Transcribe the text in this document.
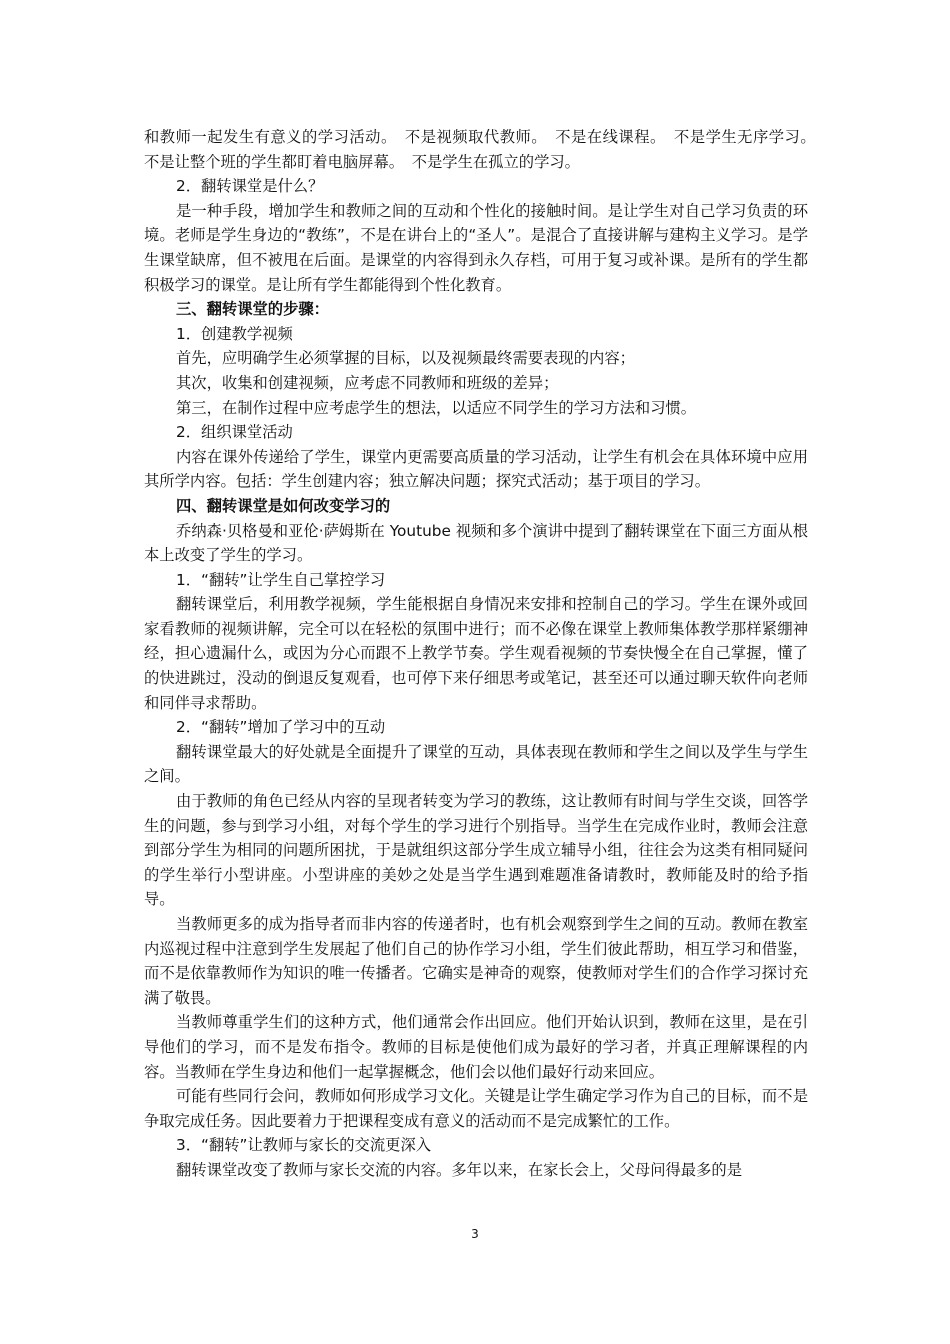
和教师一起发生有意义的学习活动。　不是视频取代教师。　不是在线课程。　不是学生无序学习。　不是让整个班的学生都盯着电脑屏幕。　不是学生在孤立的学习。

2．翻转课堂是什么？

是一种手段，增加学生和教师之间的互动和个性化的接触时间。是让学生对自己学习负责的环境。老师是学生身边的“教练”，不是在讲台上的“圣人”。是混合了直接讲解与建构主义学习。是学生课堂缺席，但不被甩在后面。是课堂的内容得到永久存档，可用于复习或补课。是所有的学生都积极学习的课堂。是让所有学生都能得到个性化教育。

三、翻转课堂的步骤：

1．创建教学视频

首先，应明确学生必须掌握的目标，以及视频最终需要表现的内容；

其次，收集和创建视频，应考虑不同教师和班级的差异；

第三，在制作过程中应考虑学生的想法，以适应不同学生的学习方法和习惯。

2．组织课堂活动

内容在课外传递给了学生，课堂内更需要高质量的学习活动，让学生有机会在具体环境中应用其所学内容。包括：学生创建内容；独立解决问题；探究式活动；基于项目的学习。

四、翻转课堂是如何改变学习的

乔纳森·贝格曼和亚伦·萨姆斯在 Youtube 视频和多个演讲中提到了翻转课堂在下面三方面从根本上改变了学生的学习。

1．“翻转”让学生自己掌控学习

翻转课堂后，利用教学视频，学生能根据自身情况来安排和控制自己的学习。学生在课外或回家看教师的视频讲解，完全可以在轻松的氛围中进行；而不必像在课堂上教师集体教学那样紧绷神经，担心遗漏什么，或因为分心而跟不上教学节奏。学生观看视频的节奏快慢全在自己掌握，懂了的快进跳过，没动的倒退反复观看，也可停下来仔细思考或笔记，甚至还可以通过聊天软件向老师和同伴寻求帮助。

2．“翻转”增加了学习中的互动

翻转课堂最大的好处就是全面提升了课堂的互动，具体表现在教师和学生之间以及学生与学生之间。

由于教师的角色已经从内容的呈现者转变为学习的教练，这让教师有时间与学生交谈，回答学生的问题，参与到学习小组，对每个学生的学习进行个别指导。当学生在完成作业时，教师会注意到部分学生为相同的问题所困扰，于是就组织这部分学生成立辅导小组，往往会为这类有相同疑问的学生举行小型讲座。小型讲座的美妙之处是当学生遇到难题准备请教时，教师能及时的给予指导。

当教师更多的成为指导者而非内容的传递者时，也有机会观察到学生之间的互动。教师在教室内巡视过程中注意到学生发展起了他们自己的协作学习小组，学生们彼此帮助，相互学习和借鉴，而不是依靠教师作为知识的唯一传播者。它确实是神奇的观察，使教师对学生们的合作学习探讨充满了敬畏。

当教师尊重学生们的这种方式，他们通常会作出回应。他们开始认识到，教师在这里，是在引导他们的学习，而不是发布指令。教师的目标是使他们成为最好的学习者，并真正理解课程的内容。当教师在学生身边和他们一起掌握概念，他们会以他们最好行动来回应。

可能有些同行会问，教师如何形成学习文化。关键是让学生确定学习作为自己的目标，而不是争取完成任务。因此要着力于把课程变成有意义的活动而不是完成繁忙的工作。

3．“翻转”让教师与家长的交流更深入

翻转课堂改变了教师与家长交流的内容。多年以来，在家长会上，父母问得最多的是

3
